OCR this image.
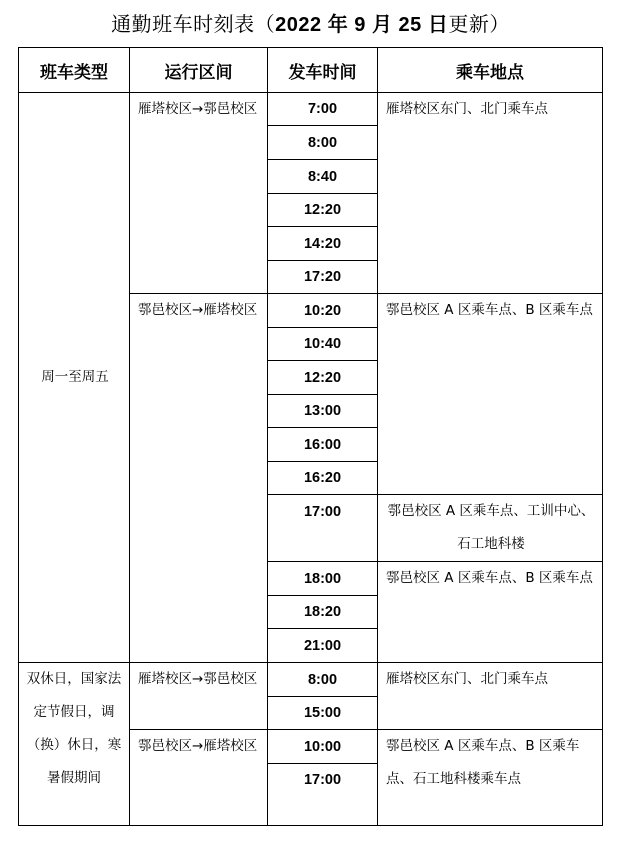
通勤班车时刻表（2022 年 9 月 25 日更新）
班车类型	运行区间	发车时间	乘车地点

周一至周五	雁塔校区→鄠邑校区	7:00	雁塔校区东门、北门乘车点

		8:00	
		8:40	
		12:20	
		14:20	
		17:20	

	鄠邑校区→雁塔校区	10:20	鄠邑校区 A 区乘车点、B 区乘车点

		10:40	
		12:20	
		13:00	
		16:00	
		16:20	
		17:00	鄠邑校区 A 区乘车点、工训中心、石工地科楼

		18:00	鄠邑校区 A 区乘车点、B 区乘车点

		18:20	
		21:00	

双休日，国家法定节假日，调（换）休日，寒暑假期间	雁塔校区→鄠邑校区	8:00	雁塔校区东门、北门乘车点

		15:00	

	鄠邑校区→雁塔校区	10:00	鄠邑校区 A 区乘车点、B 区乘车点、石工地科楼乘车点

		17:00	
